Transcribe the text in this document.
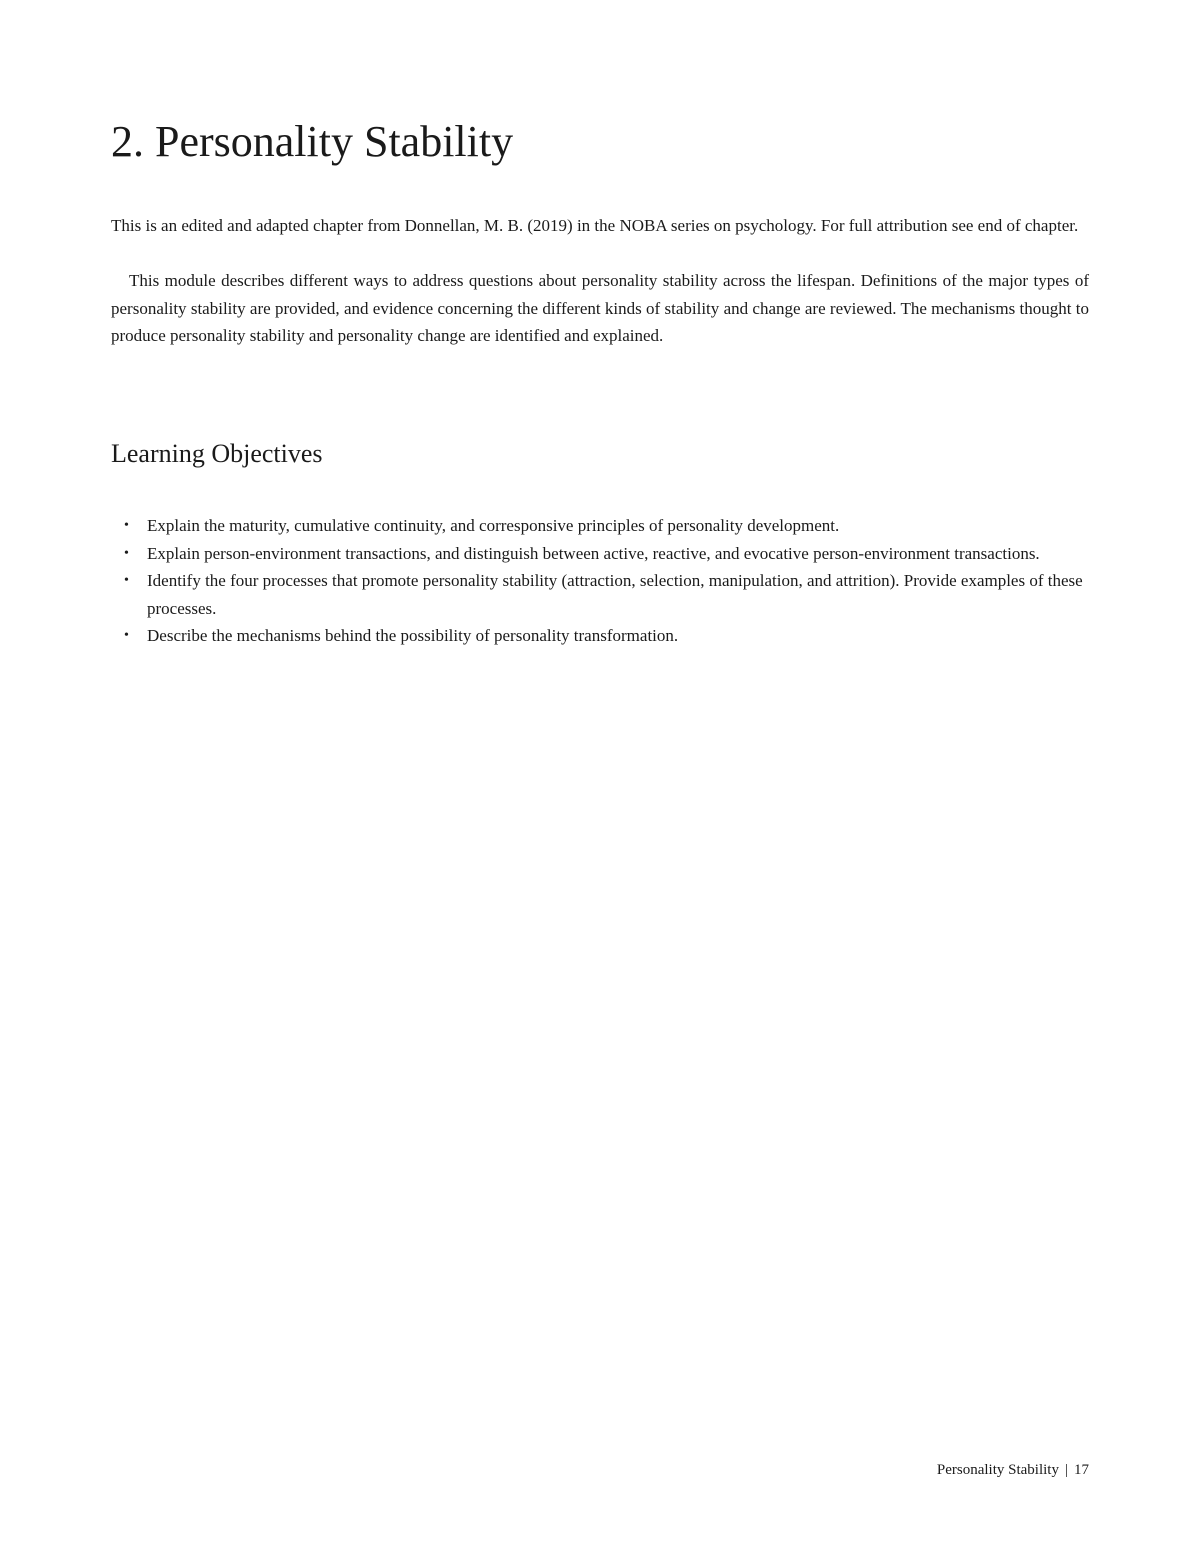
2. Personality Stability

This is an edited and adapted chapter from Donnellan, M. B. (2019) in the NOBA series on psychology. For full attribution see end of chapter.

This module describes different ways to address questions about personality stability across the lifespan. Definitions of the major types of personality stability are provided, and evidence concerning the different kinds of stability and change are reviewed. The mechanisms thought to produce personality stability and personality change are identified and explained.

Learning Objectives
• Explain the maturity, cumulative continuity, and corresponsive principles of personality development.
• Explain person-environment transactions, and distinguish between active, reactive, and evocative person-environment transactions.
• Identify the four processes that promote personality stability (attraction, selection, manipulation, and attrition). Provide examples of these processes.
• Describe the mechanisms behind the possibility of personality transformation.
Personality Stability | 17
